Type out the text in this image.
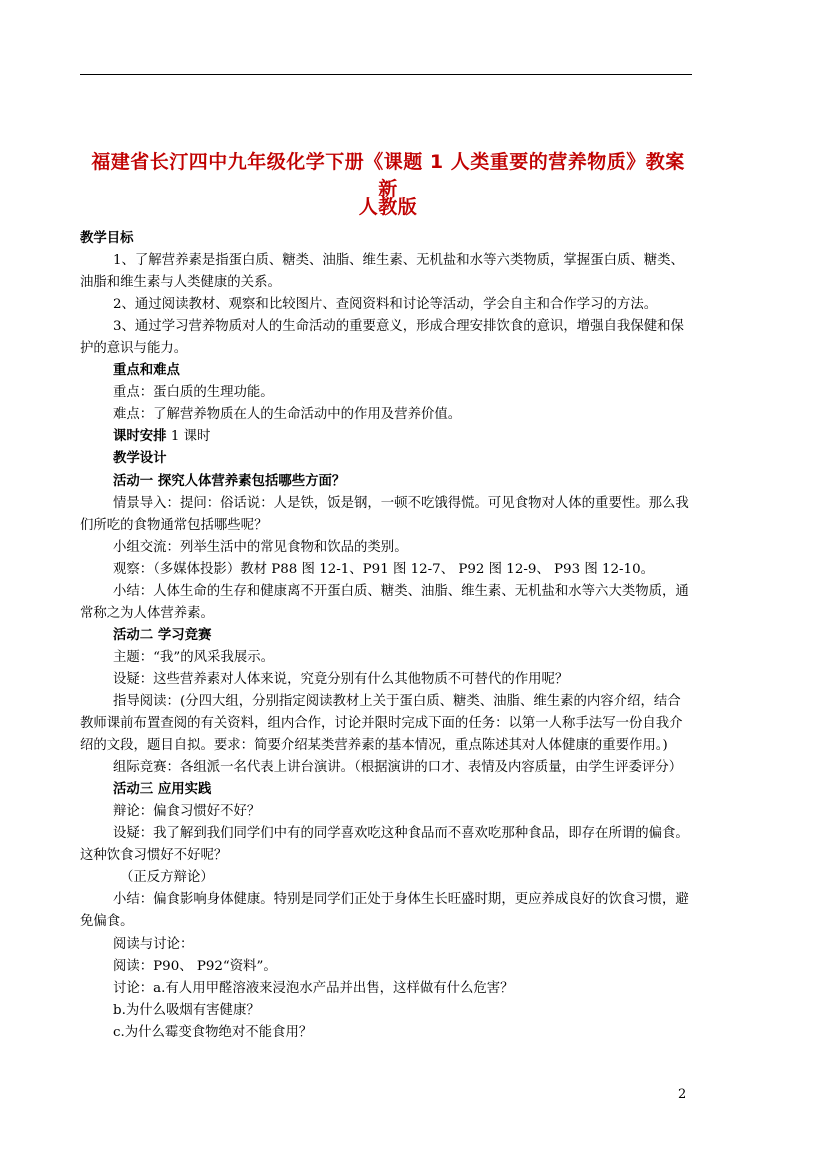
福建省长汀四中九年级化学下册《课题 1 人类重要的营养物质》教案 新
人教版

教学目标

1、了解营养素是指蛋白质、糖类、油脂、维生素、无机盐和水等六类物质，掌握蛋白质、糖类、油脂和维生素与人类健康的关系。

2、通过阅读教材、观察和比较图片、查阅资料和讨论等活动，学会自主和合作学习的方法。

3、通过学习营养物质对人的生命活动的重要意义，形成合理安排饮食的意识，增强自我保健和保护的意识与能力。

重点和难点

重点：蛋白质的生理功能。

难点：了解营养物质在人的生命活动中的作用及营养价值。

课时安排 1 课时

教学设计

活动一 探究人体营养素包括哪些方面？

情景导入：提问：俗话说：人是铁，饭是钢，一顿不吃饿得慌。可见食物对人体的重要性。那么我们所吃的食物通常包括哪些呢？

小组交流：列举生活中的常见食物和饮品的类别。

观察：（多媒体投影）教材 P88 图 12-1、P91 图 12-7、 P92 图 12-9、 P93 图 12-10。

小结：人体生命的生存和健康离不开蛋白质、糖类、油脂、维生素、无机盐和水等六大类物质，通常称之为人体营养素。

活动二 学习竞赛

主题：“我”的风采我展示。

设疑：这些营养素对人体来说，究竟分别有什么其他物质不可替代的作用呢？

指导阅读：(分四大组，分别指定阅读教材上关于蛋白质、糖类、油脂、维生素的内容介绍，结合教师课前布置查阅的有关资料，组内合作，讨论并限时完成下面的任务：以第一人称手法写一份自我介绍的文段，题目自拟。要求：简要介绍某类营养素的基本情况，重点陈述其对人体健康的重要作用。)

组际竞赛：各组派一名代表上讲台演讲。（根据演讲的口才、表情及内容质量，由学生评委评分）

活动三 应用实践

辩论：偏食习惯好不好？

设疑：我了解到我们同学们中有的同学喜欢吃这种食品而不喜欢吃那种食品，即存在所谓的偏食。这种饮食习惯好不好呢？

（正反方辩论）

小结：偏食影响身体健康。特别是同学们正处于身体生长旺盛时期，更应养成良好的饮食习惯，避免偏食。

阅读与讨论：

阅读：P90、 P92“资料”。

讨论：a.有人用甲醛溶液来浸泡水产品并出售，这样做有什么危害？

b.为什么吸烟有害健康？

c.为什么霉变食物绝对不能食用？

2
